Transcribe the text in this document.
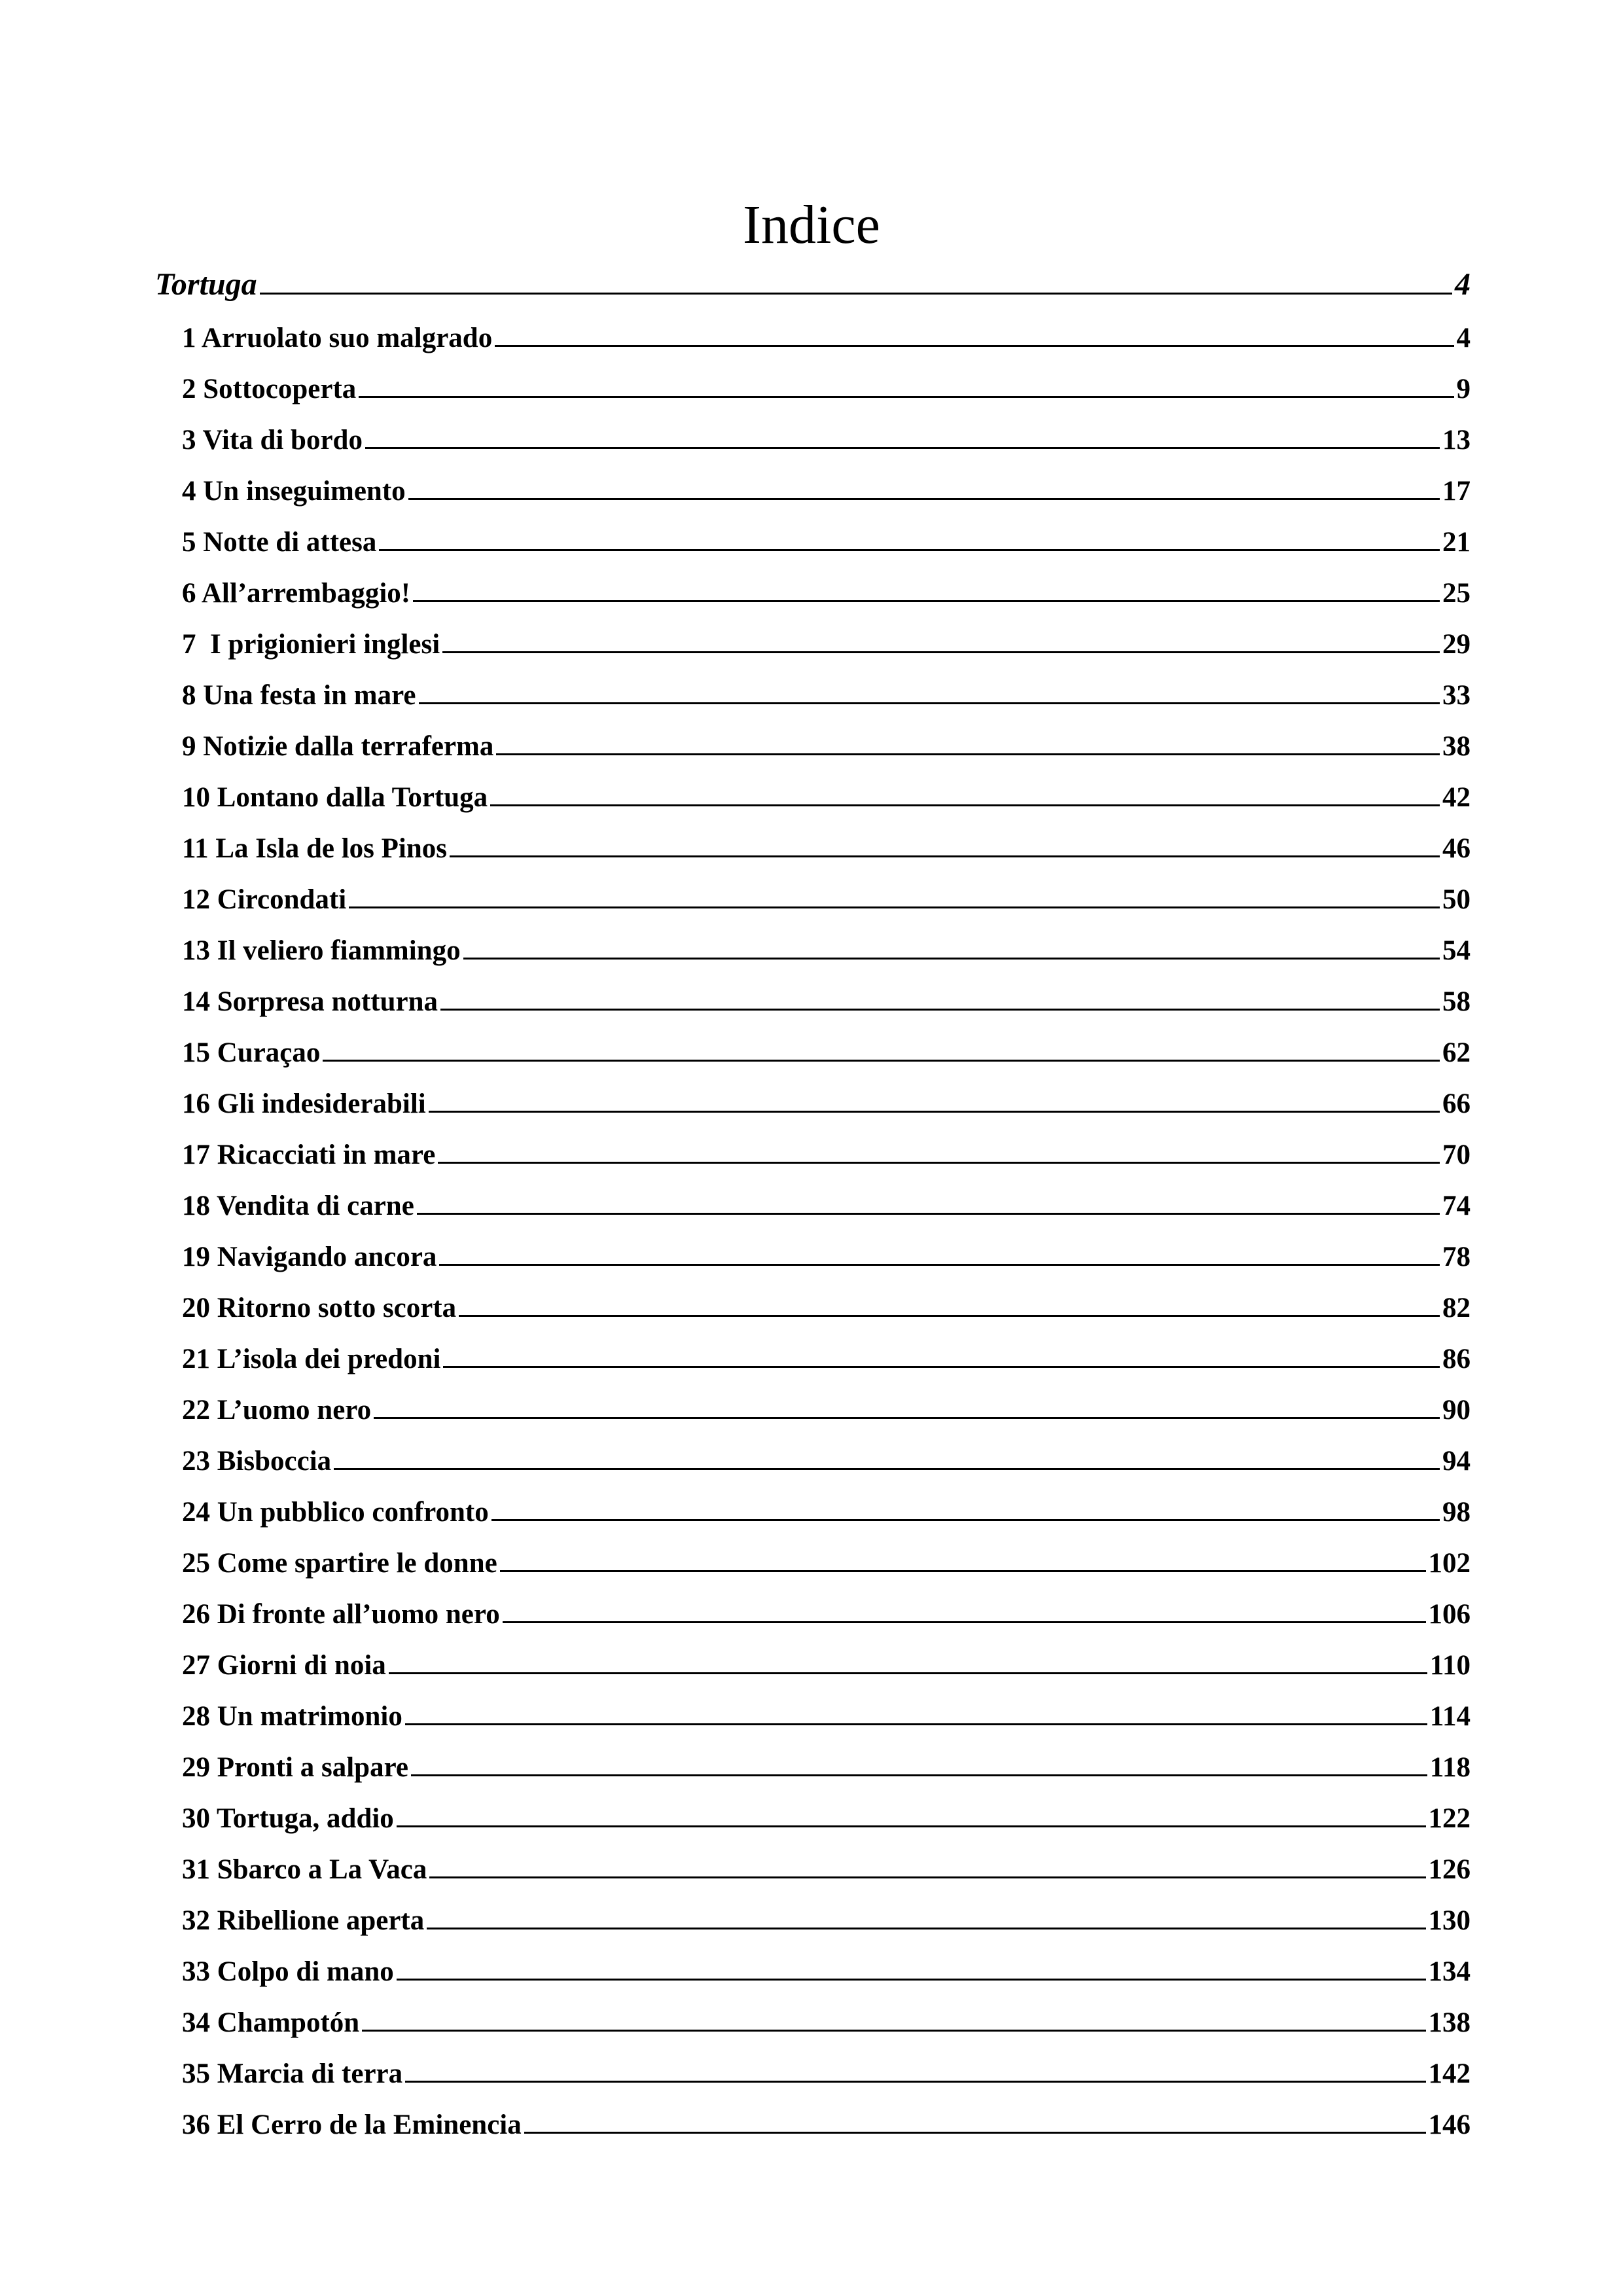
Indice
Tortuga	4
1 Arruolato suo malgrado	4
2 Sottocoperta	9
3 Vita di bordo	13
4 Un inseguimento	17
5 Notte di attesa	21
6 All’arrembaggio!	25
7  I prigionieri inglesi	29
8 Una festa in mare	33
9 Notizie dalla terraferma	38
10 Lontano dalla Tortuga	42
11 La Isla de los Pinos	46
12 Circondati	50
13 Il veliero fiammingo	54
14 Sorpresa notturna	58
15 Curaçao	62
16 Gli indesiderabili	66
17 Ricacciati in mare	70
18 Vendita di carne	74
19 Navigando ancora	78
20 Ritorno sotto scorta	82
21 L’isola dei predoni	86
22 L’uomo nero	90
23 Bisboccia	94
24 Un pubblico confronto	98
25 Come spartire le donne	102
26 Di fronte all’uomo nero	106
27 Giorni di noia	110
28 Un matrimonio	114
29 Pronti a salpare	118
30 Tortuga, addio	122
31 Sbarco a La Vaca	126
32 Ribellione aperta	130
33 Colpo di mano	134
34 Champotón	138
35 Marcia di terra	142
36 El Cerro de la Eminencia	146
